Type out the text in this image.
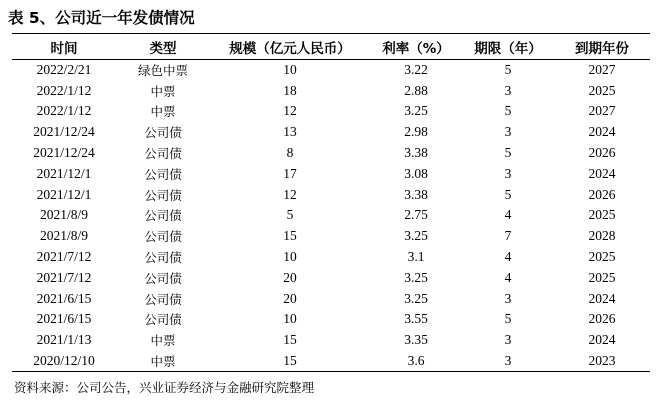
表 5、公司近一年发债情况
时间	类型	规模（亿元人民币）	利率（%）	期限（年）	到期年份
2022/2/21	绿色中票	10	3.22	5	2027
2022/1/12	中票	18	2.88	3	2025
2022/1/12	中票	12	3.25	5	2027
2021/12/24	公司债	13	2.98	3	2024
2021/12/24	公司债	8	3.38	5	2026
2021/12/1	公司债	17	3.08	3	2024
2021/12/1	公司债	12	3.38	5	2026
2021/8/9	公司债	5	2.75	4	2025
2021/8/9	公司债	15	3.25	7	2028
2021/7/12	公司债	10	3.1	4	2025
2021/7/12	公司债	20	3.25	4	2025
2021/6/15	公司债	20	3.25	3	2024
2021/6/15	公司债	10	3.55	5	2026
2021/1/13	中票	15	3.35	3	2024
2020/12/10	中票	15	3.6	3	2023
资料来源：公司公告，兴业证券经济与金融研究院整理
